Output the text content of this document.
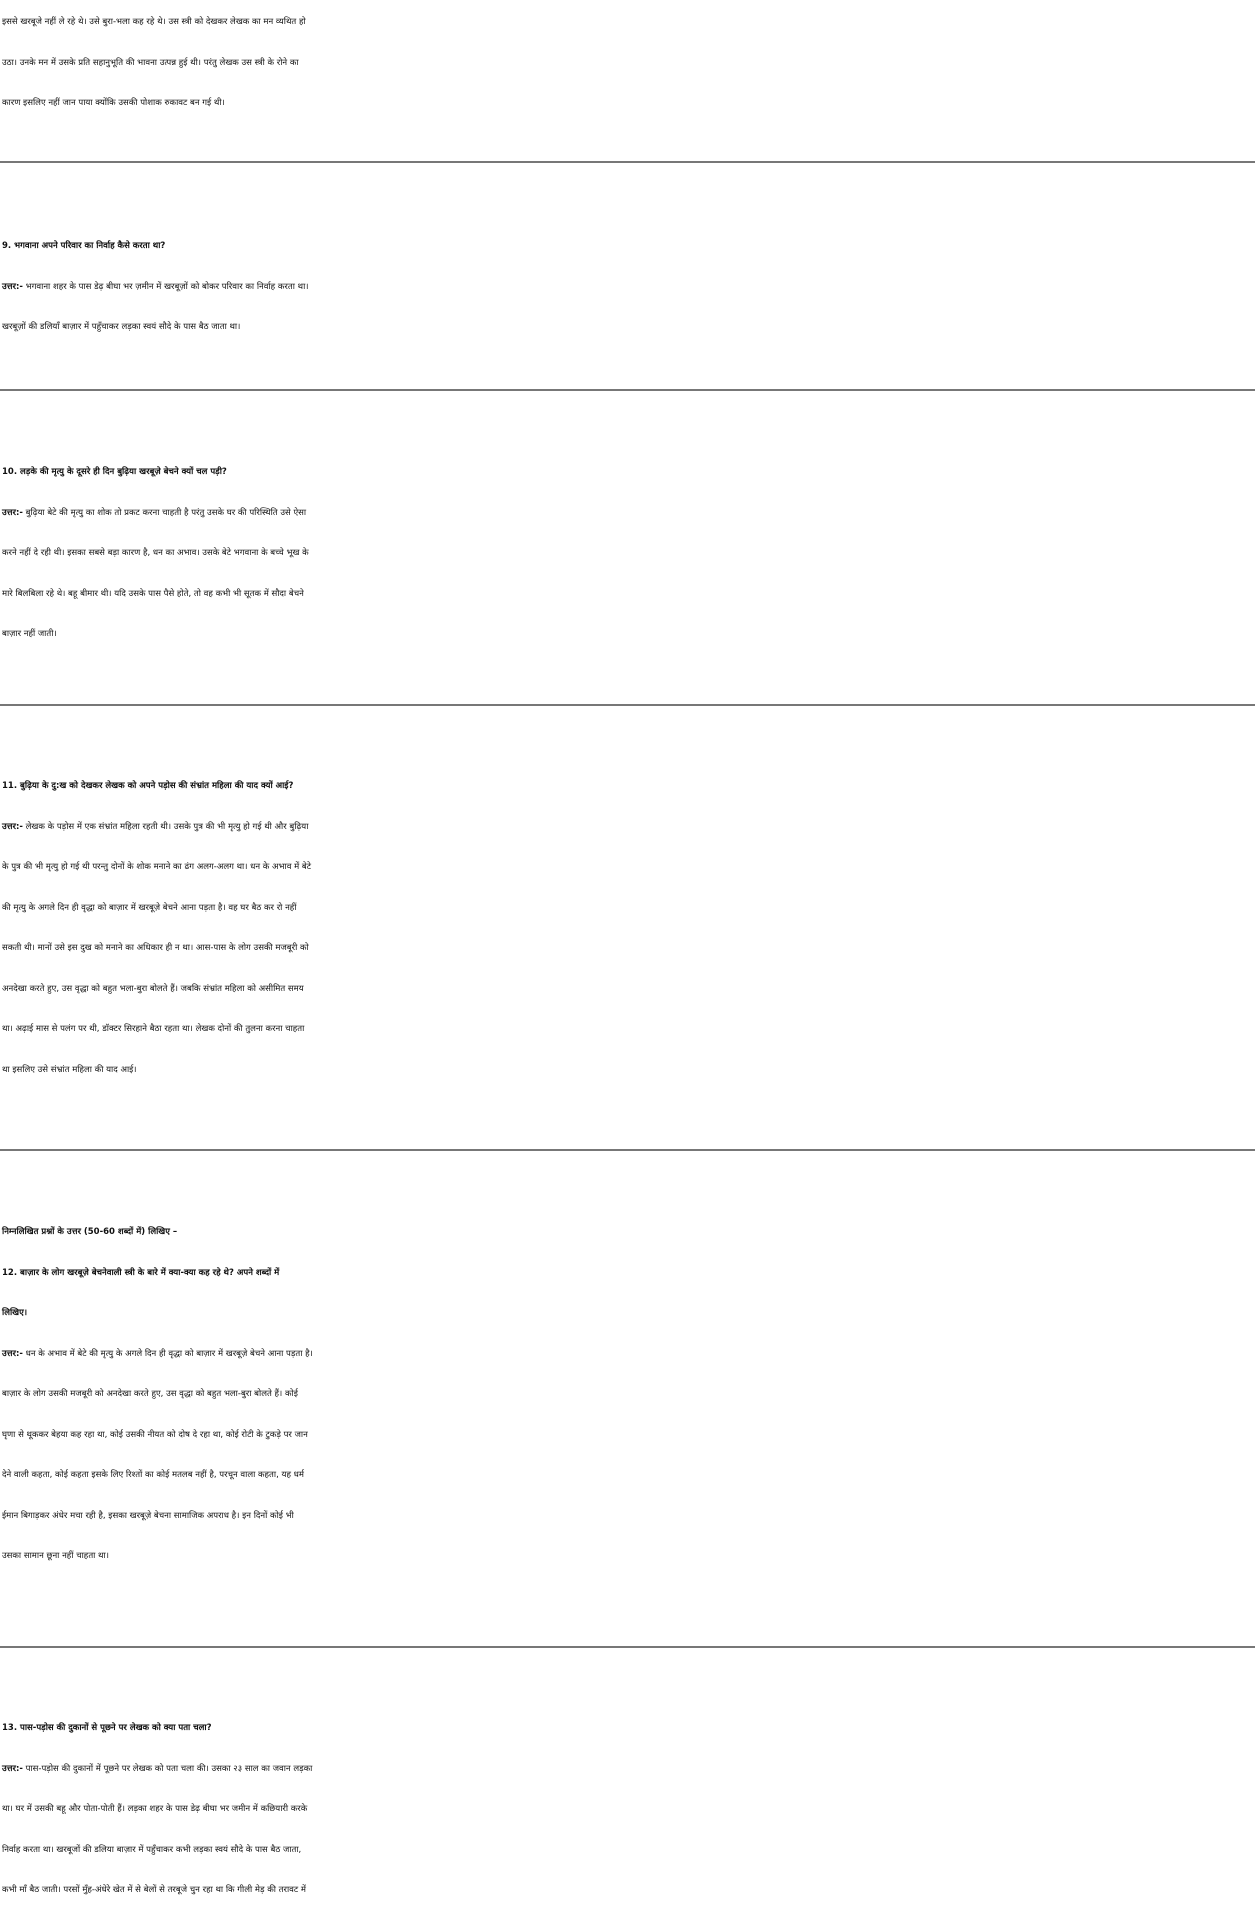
इससे खरबूजे नहीं ले रहे थे। उसे बुरा-भला कह रहे थे। उस स्त्री को देखकर लेखक का मन व्यथित हो

उठा। उनके मन में उसके प्रति सहानुभूति की भावना उत्पन्न हुई थी। परंतु लेखक उस स्त्री के रोने का

कारण इसलिए नहीं जान पाया क्योंकि उसकी पोशाक रुकावट बन गई थी।

9. भगवाना अपने परिवार का निर्वाह कैसे करता था?

उत्तर:- भगवाना शहर के पास डेढ़ बीघा भर ज़मीन में खरबूज़ों को बोकर परिवार का निर्वाह करता था।

खरबूज़ों की डलियाँ बाज़ार में पहुँचाकर लड़का स्वयं सौदे के पास बैठ जाता था।

10. लड़के की मृत्यु के दूसरे ही दिन बुढ़िया खरबूज़े बेचने क्यों चल पड़ी?

उत्तर:- बुढ़िया बेटे की मृत्यु का शोक तो प्रकट करना चाहती है परंतु उसके घर की परिस्थिति उसे ऐसा

करने नहीं दे रही थी। इसका सबसे बड़ा कारण है, धन का अभाव। उसके बेटे भगवाना के बच्चे भूख के

मारे बिलबिला रहे थे। बहू बीमार थी। यदि उसके पास पैसे होते, तो वह कभी भी सूतक में सौदा बेचने

बाज़ार नहीं जाती।

11. बुढ़िया के दु:ख को देखकर लेखक को अपने पड़ोस की संभ्रांत महिला की याद क्यों आई?

उत्तर:- लेखक के पड़ोस में एक संभ्रांत महिला रहती थी। उसके पुत्र की भी मृत्यु हो गई थी और बुढ़िया

के पुत्र की भी मृत्यु हो गई थी परन्तु दोनों के शोक मनाने का ढंग अलग-अलग था। धन के अभाव में बेटे

की मृत्यु के अगले दिन ही वृद्धा को बाज़ार में खरबूज़े बेचने आना पड़ता है। वह घर बैठ कर रो नहीं

सकती थी। मानों उसे इस दुख को मनाने का अधिकार ही न था। आस-पास के लोग उसकी मजबूरी को

अनदेखा करते हुए, उस वृद्धा को बहुत भला-बुरा बोलते हैं। जबकि संभ्रांत महिला को असीमित समय

था। अढ़ाई मास से पलंग पर थी, डॉक्टर सिरहाने बैठा रहता था। लेखक दोनों की तुलना करना चाहता

था इसलिए उसे संभ्रांत महिला की याद आई।

निम्नलिखित प्रश्नों के उत्तर (50-60 शब्दों में) लिखिए –

12. बाज़ार के लोग खरबूज़े बेचनेवाली स्त्री के बारे में क्या-क्या कह रहे थे? अपने शब्दों में

लिखिए।

उत्तर:- धन के अभाव में बेटे की मृत्यु के अगले दिन ही वृद्धा को बाज़ार में खरबूज़े बेचने आना पड़ता है।

बाज़ार के लोग उसकी मजबूरी को अनदेखा करते हुए, उस वृद्धा को बहुत भला-बुरा बोलते हैं। कोई

घृणा से थूककर बेहया कह रहा था, कोई उसकी नीयत को दोष दे रहा था, कोई रोटी के टुकड़े पर जान

देने वाली कहता, कोई कहता इसके लिए रिश्तों का कोई मतलब नहीं है, परचून वाला कहता, यह धर्म

ईमान बिगाड़कर अंधेर मचा रही है, इसका खरबूज़े बेचना सामाजिक अपराध है। इन दिनों कोई भी

उसका सामान छूना नहीं चाहता था।

13. पास-पड़ोस की दुकानों से पूछने पर लेखक को क्या पता चला?

उत्तर:- पास-पड़ोस की दुकानों में पूछने पर लेखक को पता चला की। उसका २३ साल का जवान लड़का

था। घर में उसकी बहू और पोता-पोती हैं। लड़का शहर के पास डेढ़ बीघा भर जमीन में कछियारी करके

निर्वाह करता था। खरबूजों की डलिया बाज़ार में पहुँचाकर कभी लड़का स्वयं सौदे के पास बैठ जाता,

कभी माँ बैठ जाती। परसों मुँह-अंधेरे खेत में से बेलों से तरबूजे चुन रहा था कि गीली मेड़ की तरावट में
